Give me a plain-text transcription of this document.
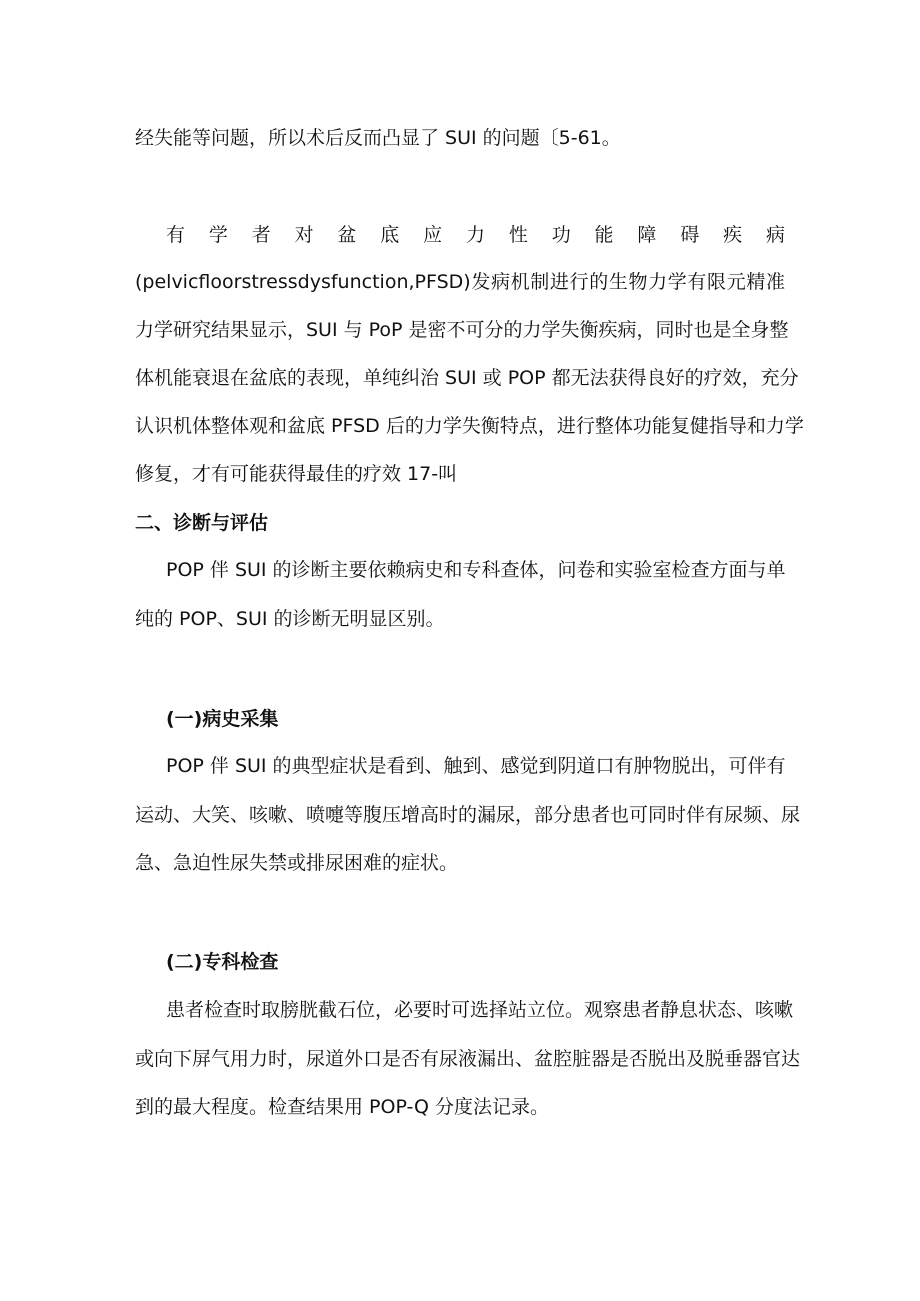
经失能等问题，所以术后反而凸显了 SUI 的问题〔5-61。

有学者对盆底应力性功能障碍疾病

(pelvicfloorstressdysfunction,PFSD)发病机制进行的生物力学有限元精准

力学研究结果显示，SUI 与 PoP 是密不可分的力学失衡疾病，同时也是全身整

体机能衰退在盆底的表现，单纯纠治 SUI 或 POP 都无法获得良好的疗效，充分

认识机体整体观和盆底 PFSD 后的力学失衡特点，进行整体功能复健指导和力学

修复，才有可能获得最佳的疗效 17-叫

二、诊断与评估

POP 伴 SUI 的诊断主要依赖病史和专科查体，问卷和实验室检查方面与单

纯的 POP、SUI 的诊断无明显区别。

(一)病史采集

POP 伴 SUI 的典型症状是看到、触到、感觉到阴道口有肿物脱出，可伴有

运动、大笑、咳嗽、喷嚏等腹压增高时的漏尿，部分患者也可同时伴有尿频、尿

急、急迫性尿失禁或排尿困难的症状。

(二)专科检查

患者检查时取膀胱截石位，必要时可选择站立位。观察患者静息状态、咳嗽

或向下屏气用力时，尿道外口是否有尿液漏出、盆腔脏器是否脱出及脱垂器官达

到的最大程度。检查结果用 POP-Q 分度法记录。
